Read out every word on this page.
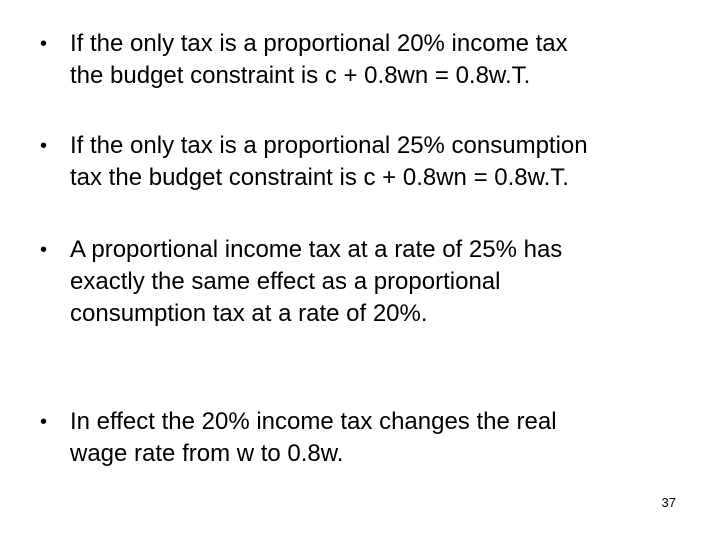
• If the only tax is a proportional 20% income tax
the budget constraint is c + 0.8wn = 0.8w.T.
• If the only tax is a proportional 25% consumption
tax the budget constraint is c + 0.8wn = 0.8w.T.
• A proportional income tax at a rate of 25% has
exactly the same effect as a proportional
consumption tax at a rate of 20%.
• In effect the 20% income tax changes the real
wage rate from w to 0.8w.
37
